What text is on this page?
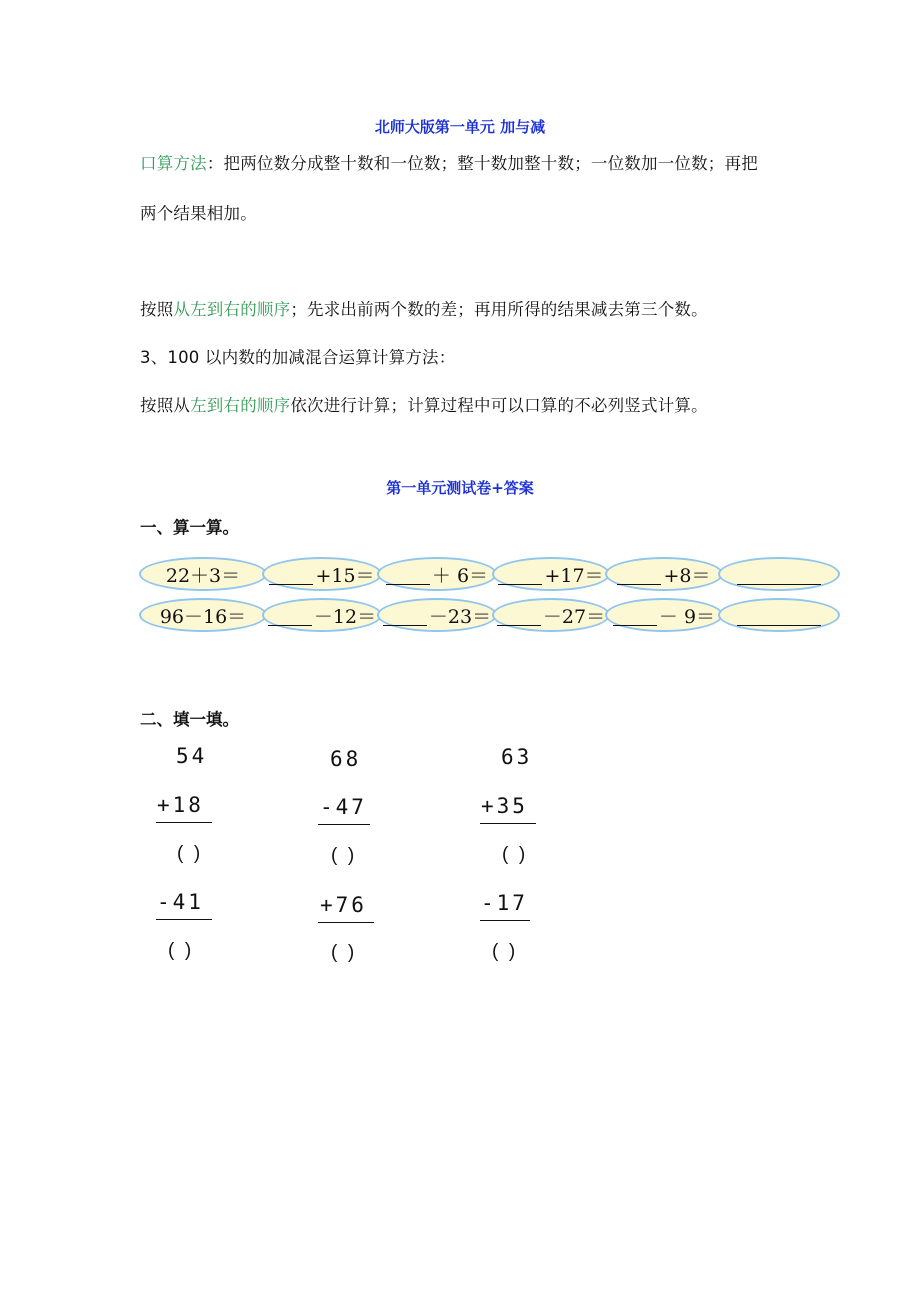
北师大版第一单元 加与减
口算方法：把两位数分成整十数和一位数；整十数加整十数；一位数加一位数；再把
两个结果相加。
按照从左到右的顺序；先求出前两个数的差；再用所得的结果减去第三个数。
3、100 以内数的加减混合运算计算方法：
按照从左到右的顺序依次进行计算；计算过程中可以口算的不必列竖式计算。
第一单元测试卷+答案
一、算一算。
22＋3＝	+15＝	＋ 6＝	+17＝	+8＝
96－16＝	－12＝	－23＝	－27＝	－ 9＝
二、填一填。
54
+18
(  )
-41
(  )
68
-47
(  )
+76
(  )
63
+35
(  )
-17
(  )
